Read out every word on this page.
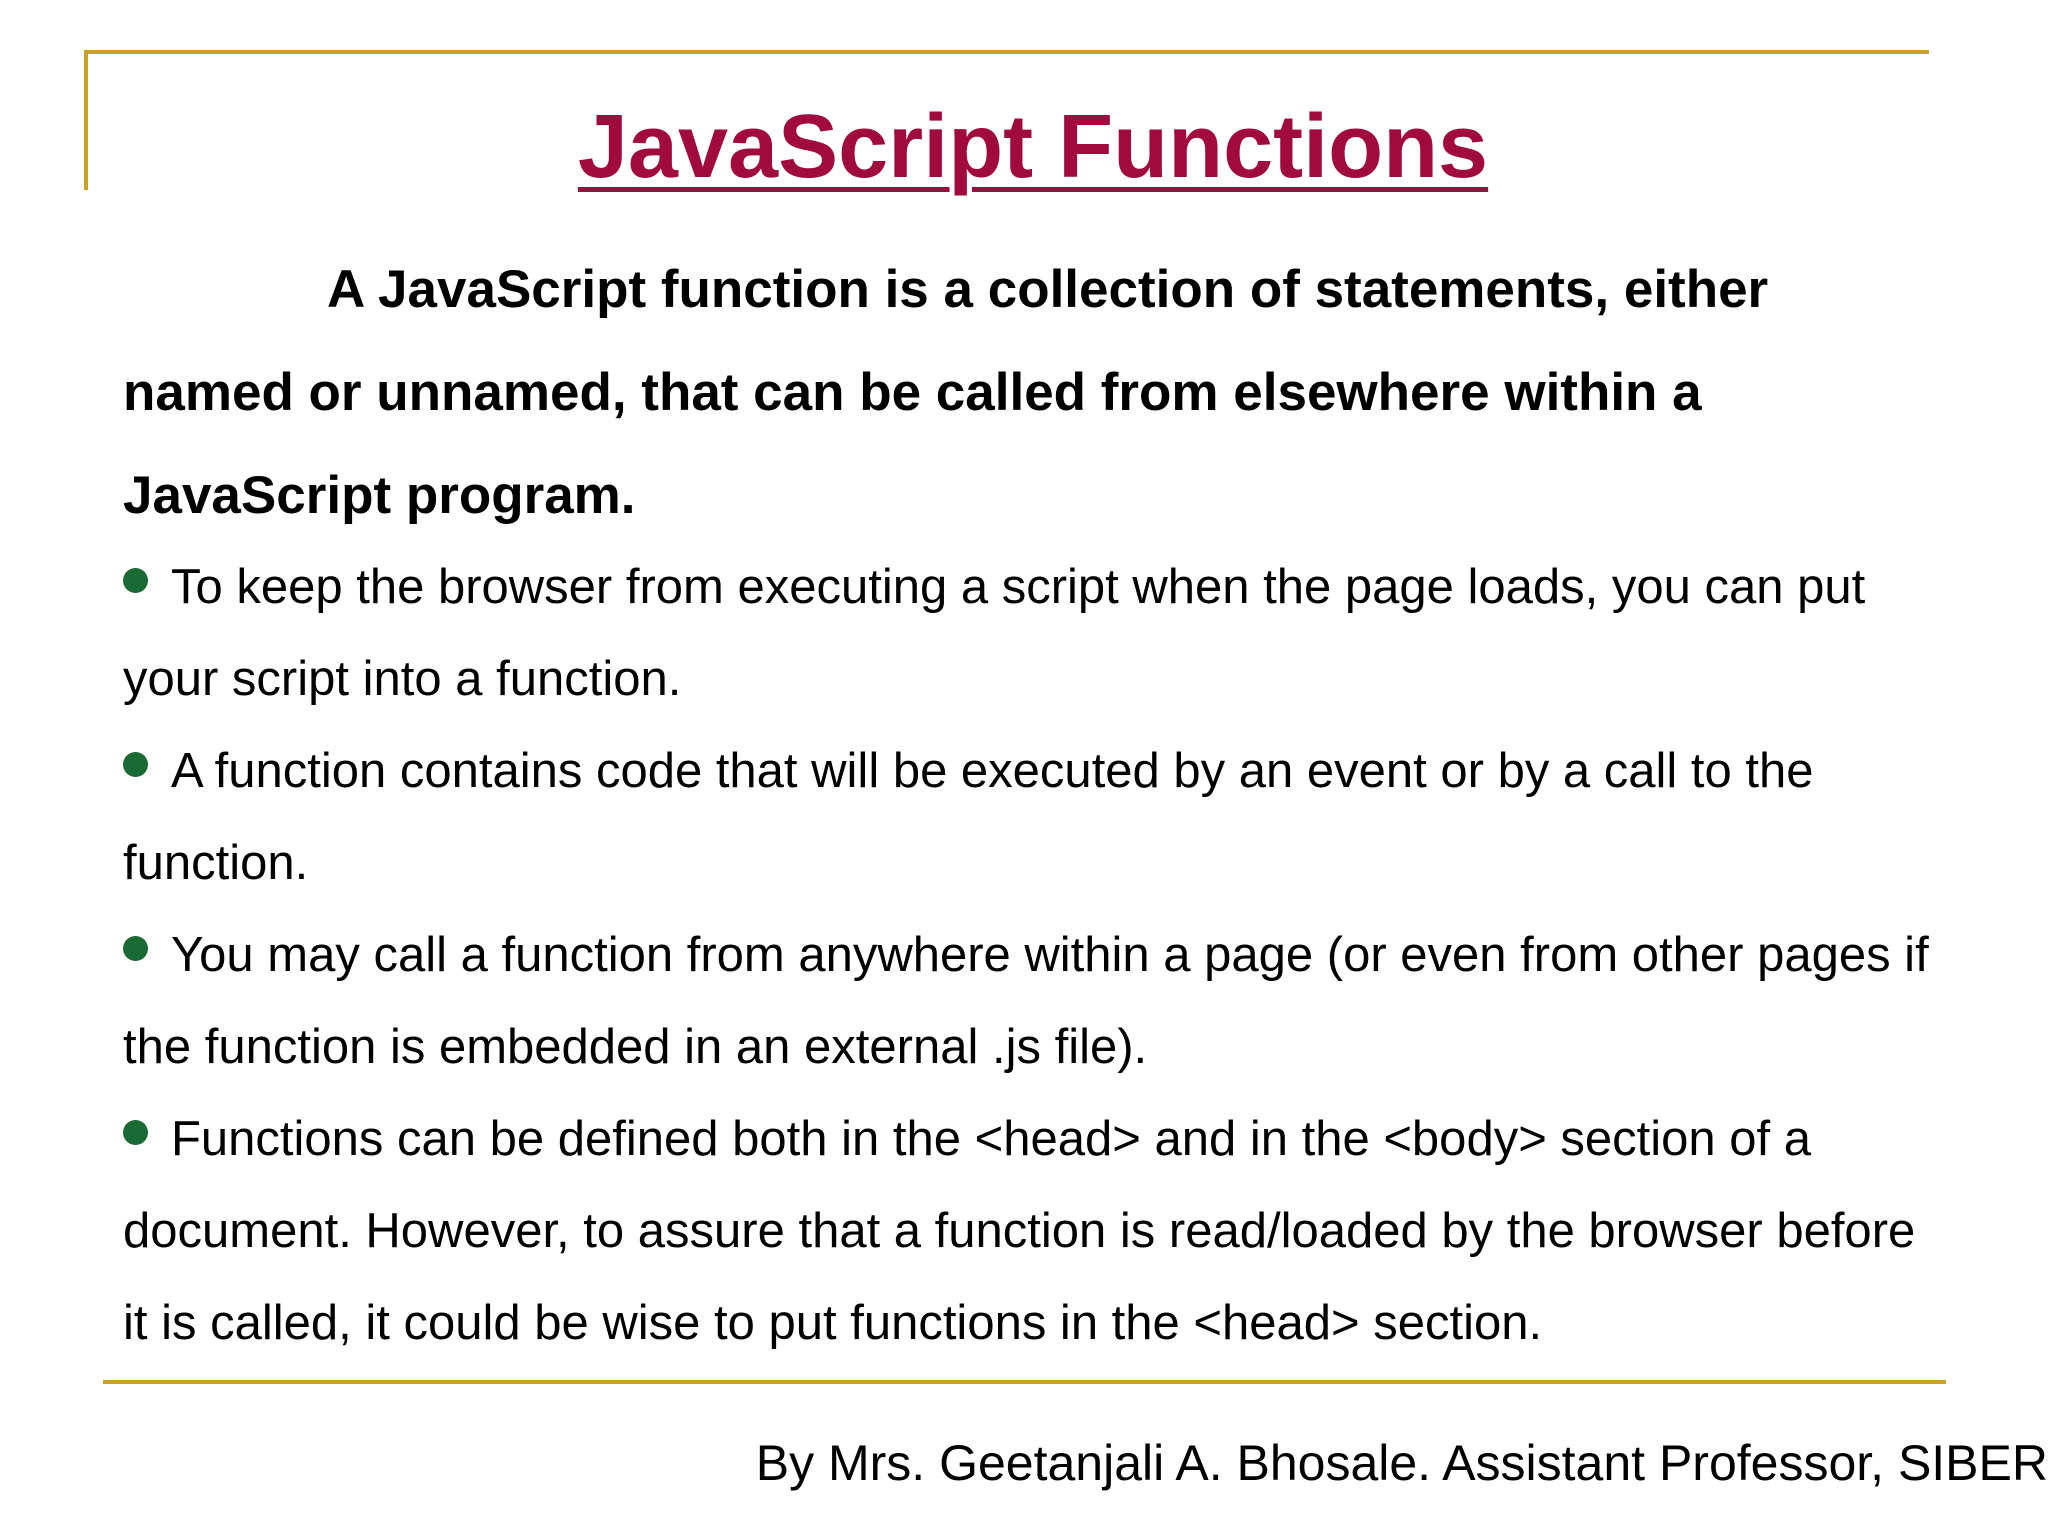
JavaScript Functions

A JavaScript function is a collection of statements, either named or unnamed, that can be called from elsewhere within a JavaScript program.

To keep the browser from executing a script when the page loads, you can put your script into a function.
A function contains code that will be executed by an event or by a call to the function.
You may call a function from anywhere within a page (or even from other pages if the function is embedded in an external .js file).
Functions can be defined both in the <head> and in the <body> section of a document. However, to assure that a function is read/loaded by the browser before it is called, it could be wise to put functions in the <head> section.
By Mrs. Geetanjali A. Bhosale. Assistant Professor, SIBER
